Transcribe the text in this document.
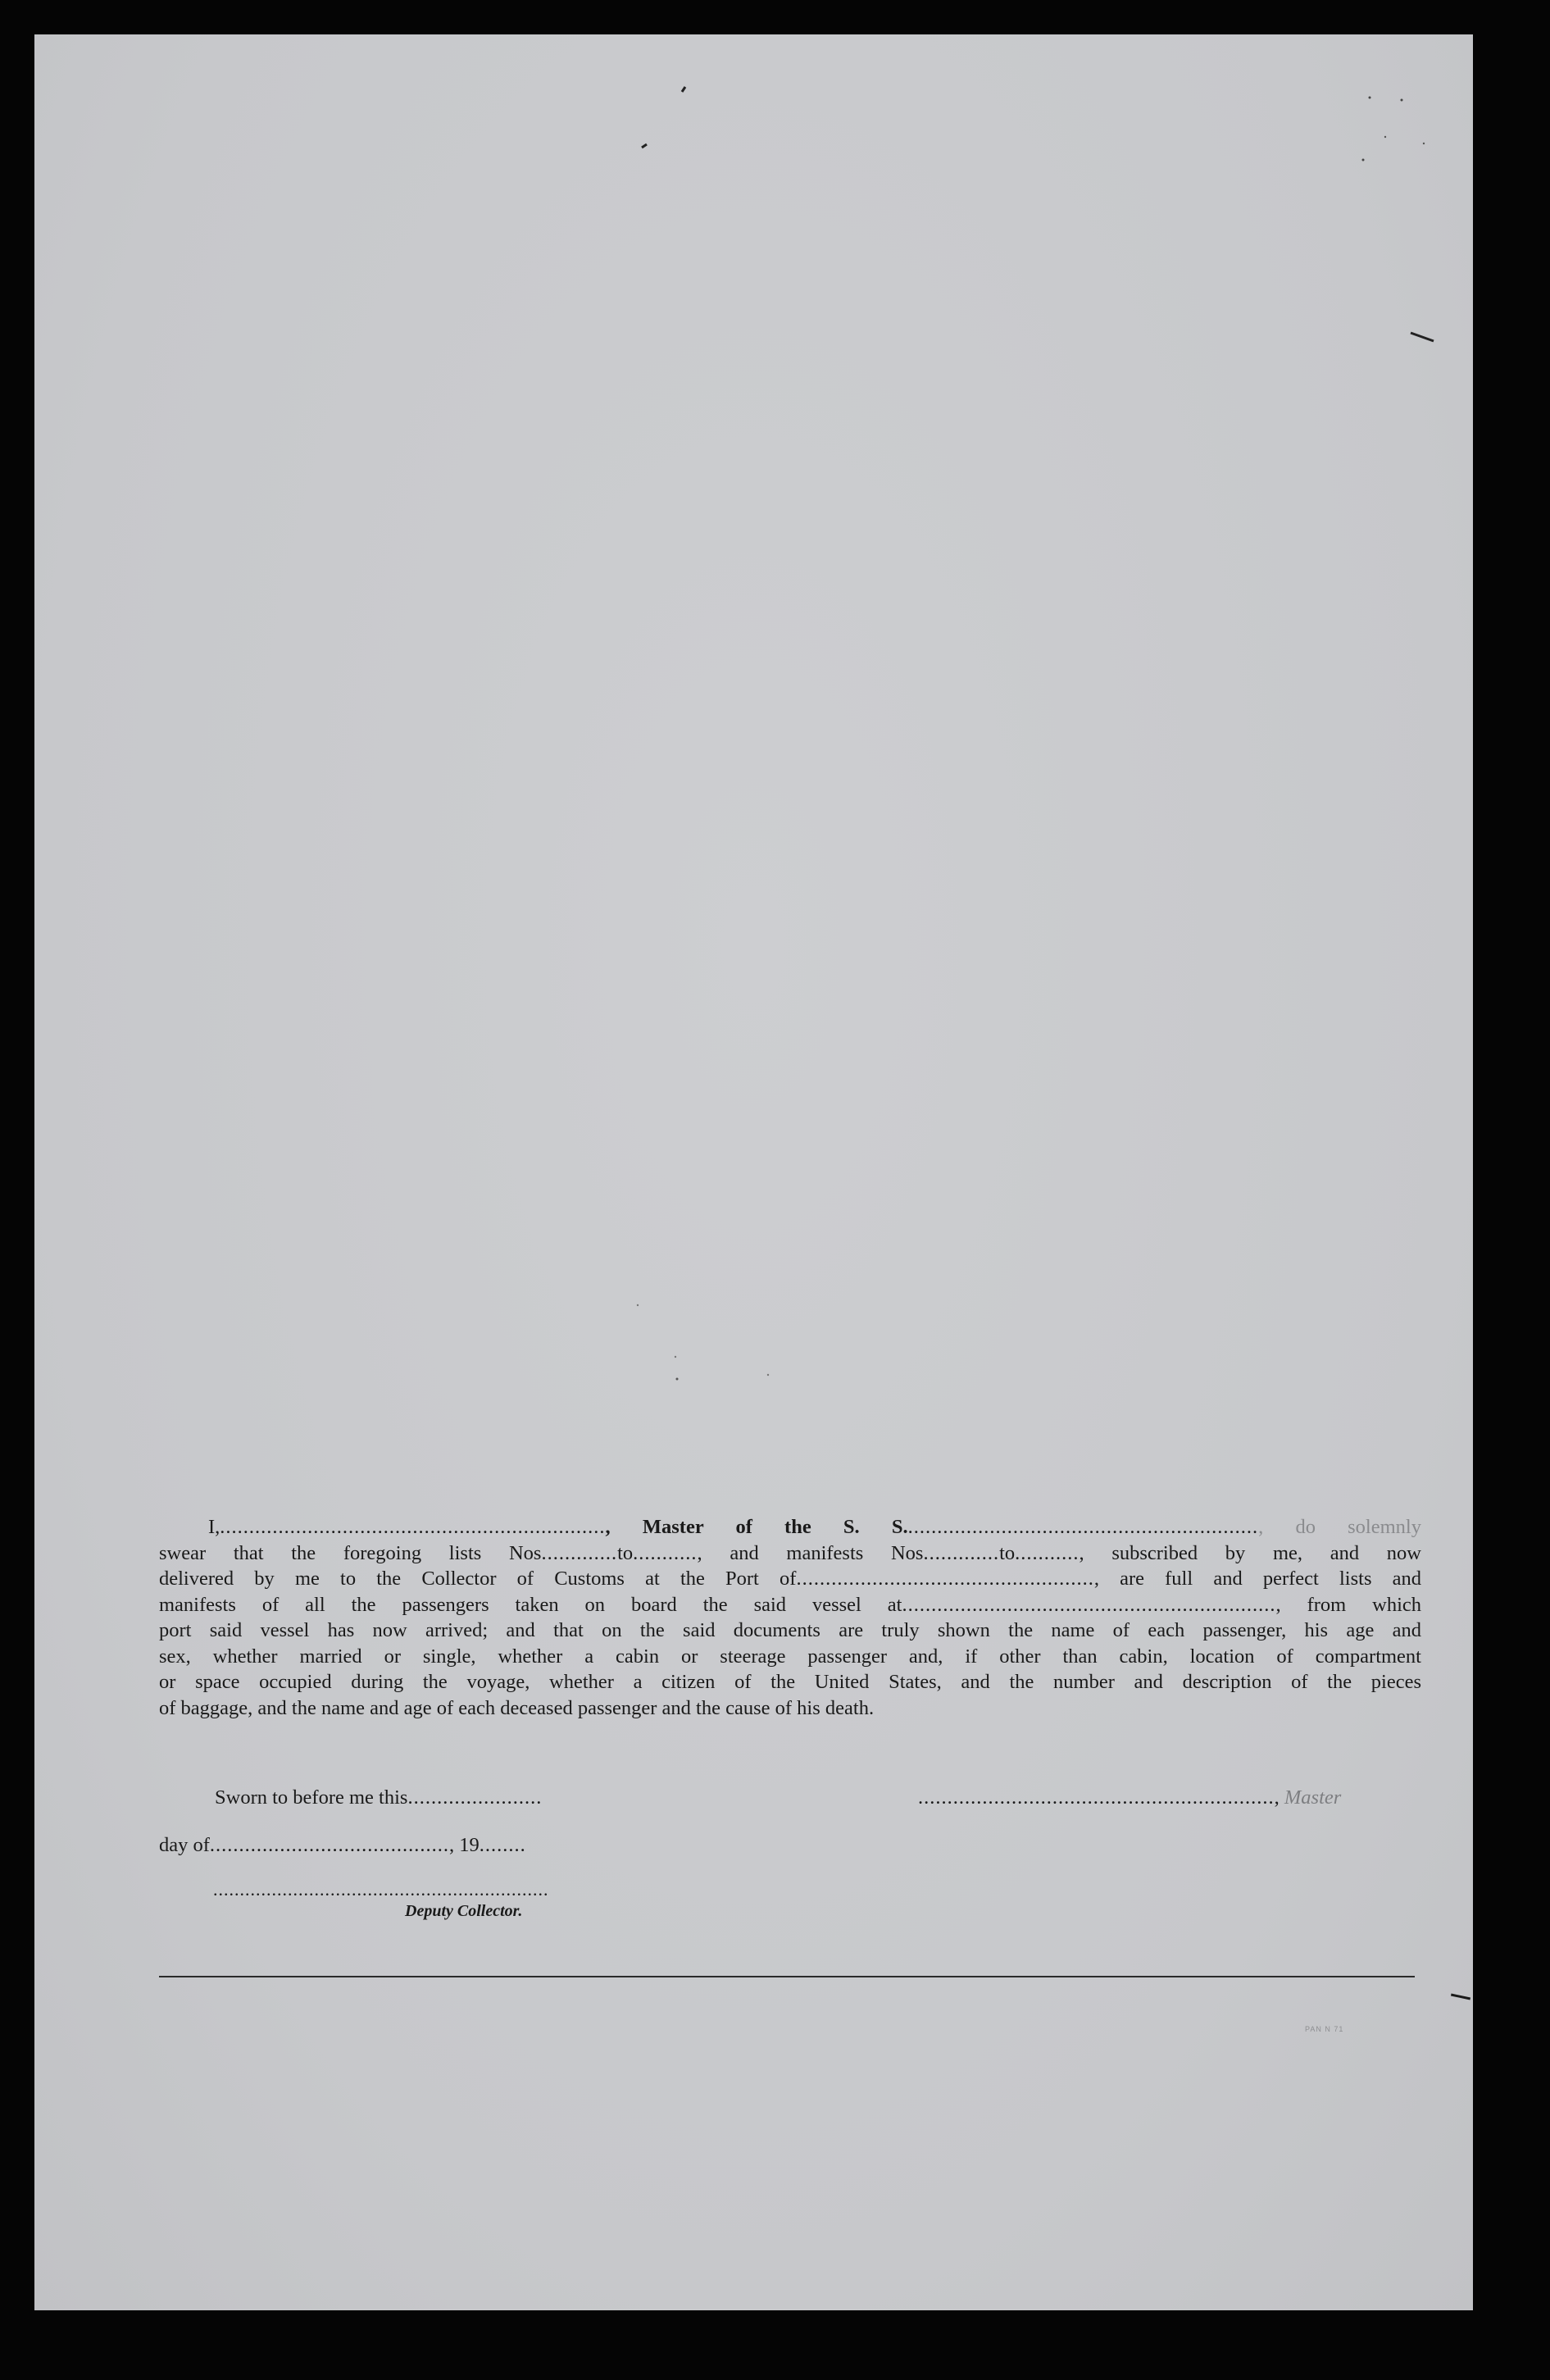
I,.................................................................., Master of the S. S............................................................., do solemnly
swear that the foregoing lists Nos.............to..........., and manifests Nos.............to..........., subscribed by me, and now
delivered by me to the Collector of Customs at the Port of..................................................., are full and perfect lists and
manifests of all the passengers taken on board the said vessel at................................................................, from which
port said vessel has now arrived; and that on the said documents are truly shown the name of each passenger, his age and
sex, whether married or single, whether a cabin or steerage passenger and, if other than cabin, location of compartment
or space occupied during the voyage, whether a citizen of the United States, and the number and description of the pieces
of baggage, and the name and age of each deceased passenger and the cause of his death.
Sworn to before me this.......................	............................................................., Master
day of........................................., 19........
...............................................................
Deputy Collector.
PAN N 71
